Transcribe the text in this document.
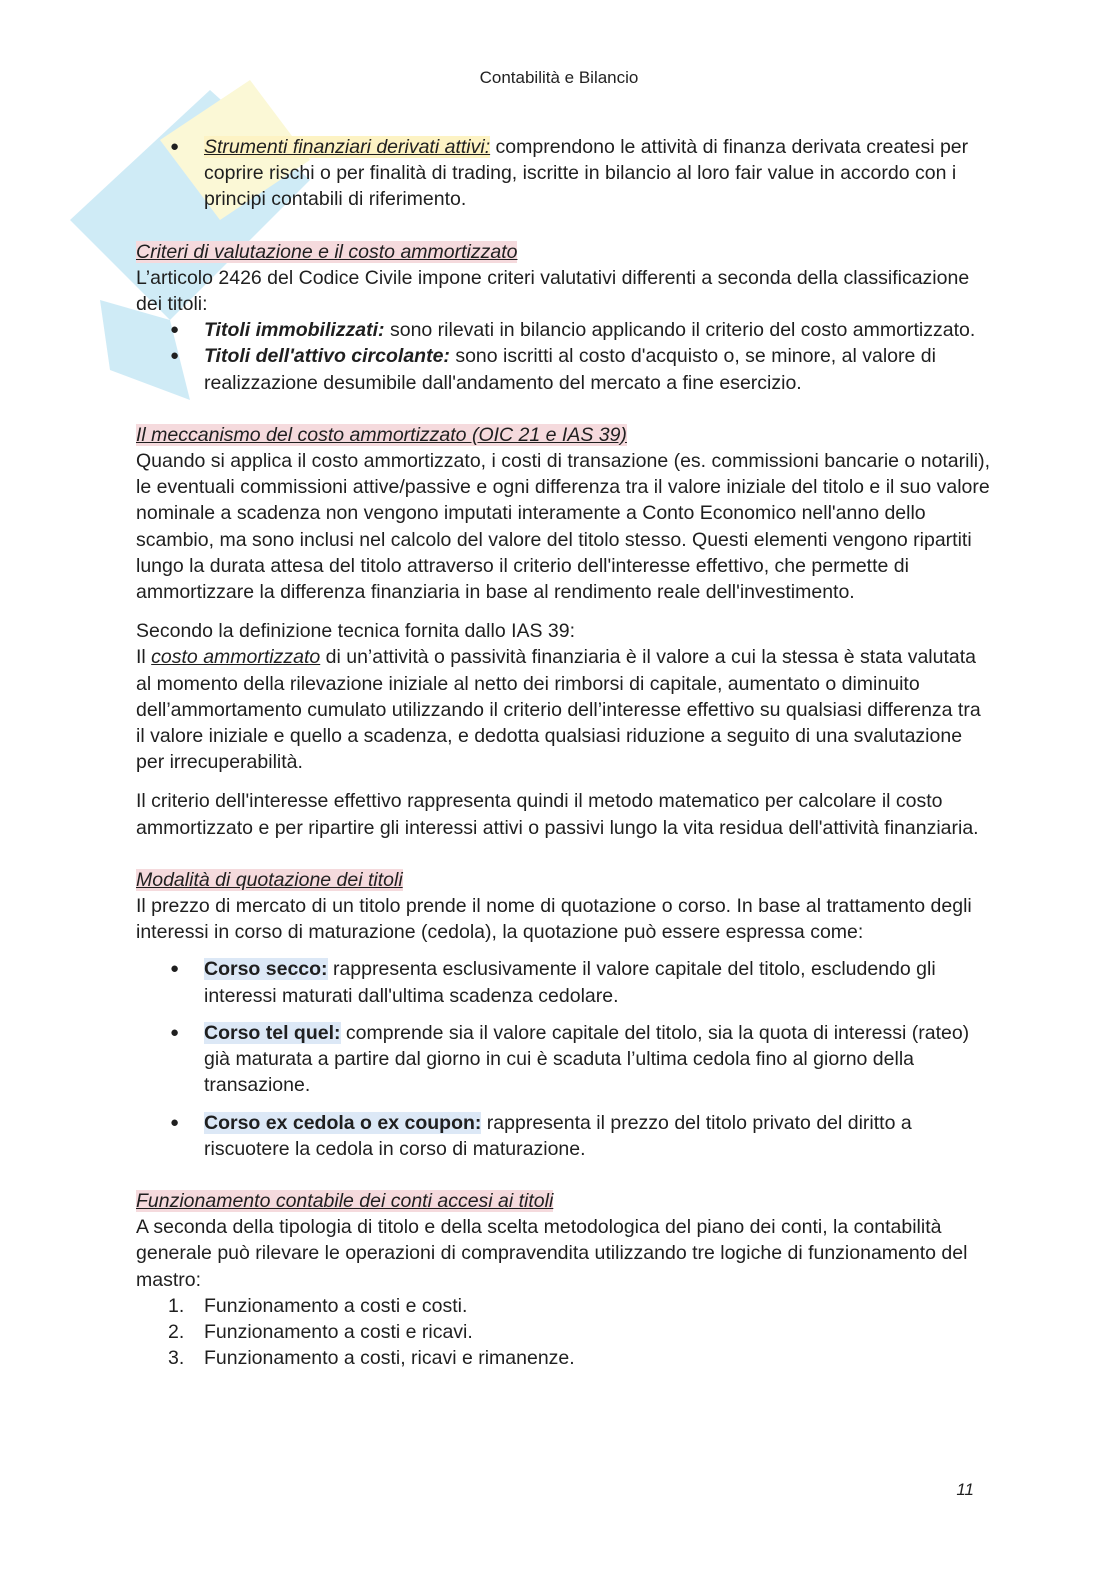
Contabilità e Bilancio
● Strumenti finanziari derivati attivi: comprendono le attività di finanza derivata createsi per coprire rischi o per finalità di trading, iscritte in bilancio al loro fair value in accordo con i principi contabili di riferimento.

Criteri di valutazione e il costo ammortizzato

L’articolo 2426 del Codice Civile impone criteri valutativi differenti a seconda della classificazione dei titoli:

● Titoli immobilizzati: sono rilevati in bilancio applicando il criterio del costo ammortizzato.
● Titoli dell'attivo circolante: sono iscritti al costo d'acquisto o, se minore, al valore di realizzazione desumibile dall'andamento del mercato a fine esercizio.

Il meccanismo del costo ammortizzato (OIC 21 e IAS 39)

Quando si applica il costo ammortizzato, i costi di transazione (es. commissioni bancarie o notarili), le eventuali commissioni attive/passive e ogni differenza tra il valore iniziale del titolo e il suo valore nominale a scadenza non vengono imputati interamente a Conto Economico nell'anno dello scambio, ma sono inclusi nel calcolo del valore del titolo stesso. Questi elementi vengono ripartiti lungo la durata attesa del titolo attraverso il criterio dell'interesse effettivo, che permette di ammortizzare la differenza finanziaria in base al rendimento reale dell'investimento.

Secondo la definizione tecnica fornita dallo IAS 39:

Il costo ammortizzato di un’attività o passività finanziaria è il valore a cui la stessa è stata valutata al momento della rilevazione iniziale al netto dei rimborsi di capitale, aumentato o diminuito dell’ammortamento cumulato utilizzando il criterio dell’interesse effettivo su qualsiasi differenza tra il valore iniziale e quello a scadenza, e dedotta qualsiasi riduzione a seguito di una svalutazione per irrecuperabilità.

Il criterio dell'interesse effettivo rappresenta quindi il metodo matematico per calcolare il costo ammortizzato e per ripartire gli interessi attivi o passivi lungo la vita residua dell'attività finanziaria.

Modalità di quotazione dei titoli

Il prezzo di mercato di un titolo prende il nome di quotazione o corso. In base al trattamento degli interessi in corso di maturazione (cedola), la quotazione può essere espressa come:

● Corso secco: rappresenta esclusivamente il valore capitale del titolo, escludendo gli interessi maturati dall'ultima scadenza cedolare.
● Corso tel quel: comprende sia il valore capitale del titolo, sia la quota di interessi (rateo) già maturata a partire dal giorno in cui è scaduta l’ultima cedola fino al giorno della transazione.
● Corso ex cedola o ex coupon: rappresenta il prezzo del titolo privato del diritto a riscuotere la cedola in corso di maturazione.

Funzionamento contabile dei conti accesi ai titoli

A seconda della tipologia di titolo e della scelta metodologica del piano dei conti, la contabilità generale può rilevare le operazioni di compravendita utilizzando tre logiche di funzionamento del mastro:

1. Funzionamento a costi e costi.
2. Funzionamento a costi e ricavi.
3. Funzionamento a costi, ricavi e rimanenze.
11
